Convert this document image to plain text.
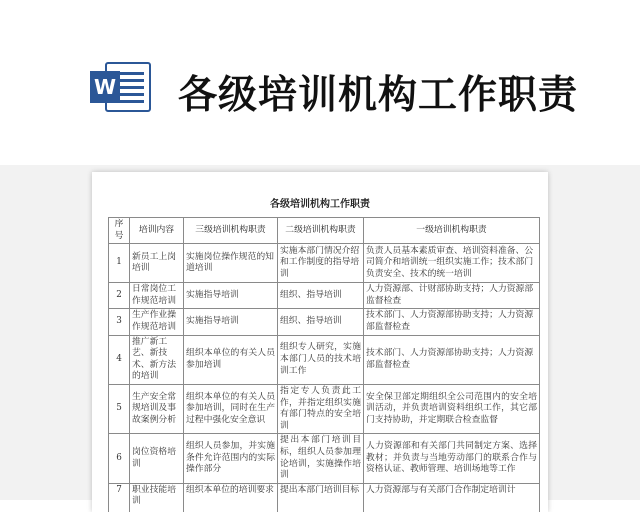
W 各级培训机构工作职责
各级培训机构工作职责
序号	培训内容	三级培训机构职责	二级培训机构职责	一级培训机构职责
1	新员工上岗培训	实施岗位操作规范的知道培训	实施本部门情况介绍和工作制度的指导培训	负责人员基本素质审查、培训资料准备、公司简介和培训统一组织实施工作；技术部门负责安全、技术的统一培训
2	日常岗位工作规范培训	实施指导培训	组织、指导培训	人力资源部、计财部协助支持；人力资源部监督检查
3	生产作业操作规范培训	实施指导培训	组织、指导培训	技术部门、人力资源部协助支持；人力资源部监督检查
4	推广新工艺、新技术、新方法的培训	组织本单位的有关人员参加培训	组织专人研究，实施本部门人员的技术培训工作	技术部门、人力资源部协助支持；人力资源部监督检查
5	生产安全常规培训及事故案例分析	组织本单位的有关人员参加培训，同时在生产过程中强化安全意识	指定专人负责此工作，并指定组织实施有部门特点的安全培训	安全保卫部定期组织全公司范围内的安全培训活动，并负责培训资料组织工作，其它部门支持协助，并定期联合检查监督
6	岗位资格培训	组织人员参加，并实施条件允许范围内的实际操作部分	提出本部门培训目标，组织人员参加理论培训，实施操作培训	人力资源部和有关部门共同制定方案、选择教材；并负责与当地劳动部门的联系合作与资格认证、教师管理、培训场地等工作
7	职业技能培训	组织本单位的培训要求	提出本部门培训目标	人力资源部与有关部门合作制定培训计
